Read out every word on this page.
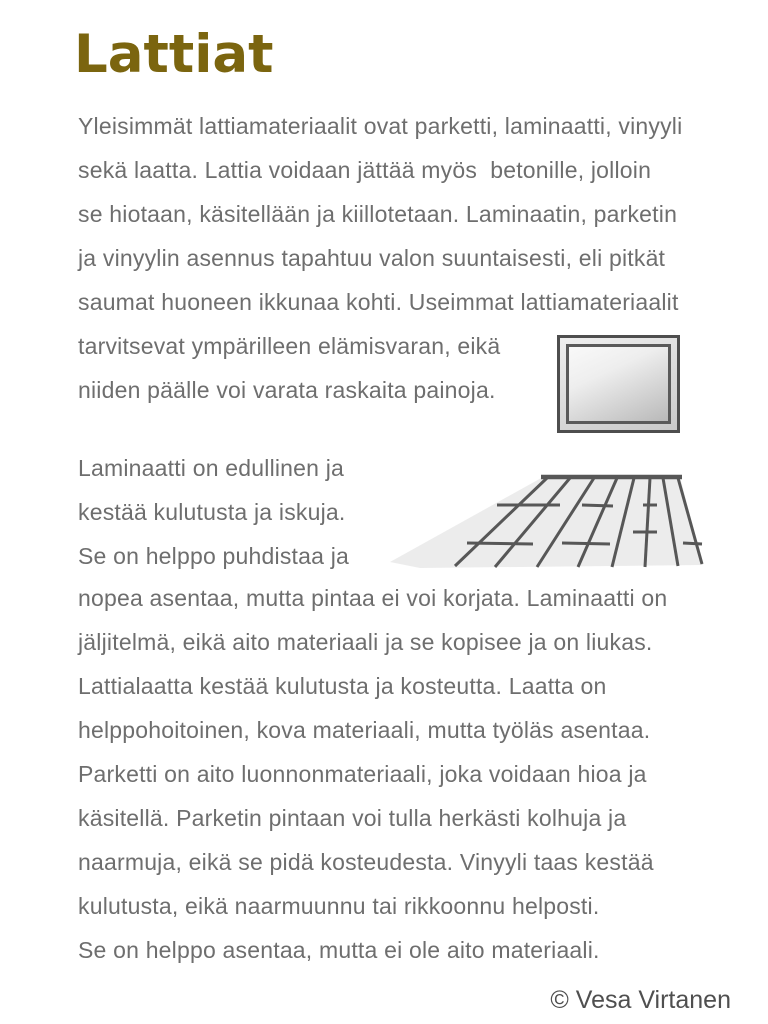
Lattiat
Yleisimmät lattiamateriaalit ovat parketti, laminaatti, vinyyli
sekä laatta. Lattia voidaan jättää myös  betonille, jolloin
se hiotaan, käsitellään ja kiillotetaan. Laminaatin, parketin
ja vinyylin asennus tapahtuu valon suuntaisesti, eli pitkät
saumat huoneen ikkunaa kohti. Useimmat lattiamateriaalit
tarvitsevat ympärilleen elämisvaran, eikä
niiden päälle voi varata raskaita painoja.
Laminaatti on edullinen ja
kestää kulutusta ja iskuja.
Se on helppo puhdistaa ja
nopea asentaa, mutta pintaa ei voi korjata. Laminaatti on
jäljitelmä, eikä aito materiaali ja se kopisee ja on liukas.
Lattialaatta kestää kulutusta ja kosteutta. Laatta on
helppohoitoinen, kova materiaali, mutta työläs asentaa.
Parketti on aito luonnonmateriaali, joka voidaan hioa ja
käsitellä. Parketin pintaan voi tulla herkästi kolhuja ja
naarmuja, eikä se pidä kosteudesta. Vinyyli taas kestää
kulutusta, eikä naarmuunnu tai rikkoonnu helposti.
Se on helppo asentaa, mutta ei ole aito materiaali.
© Vesa Virtanen
